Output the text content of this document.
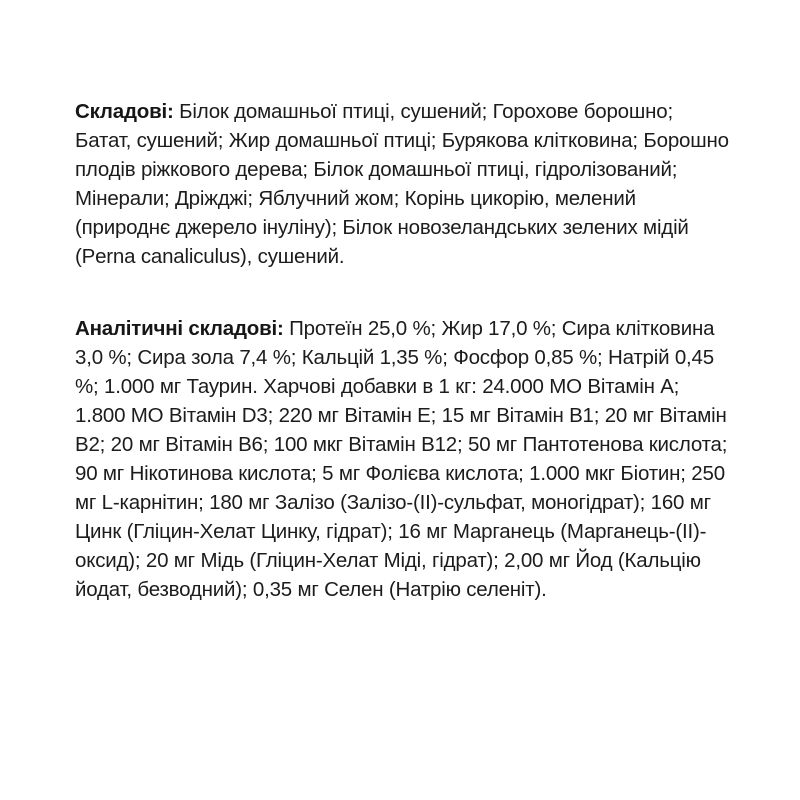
Складові: Білок домашньої птиці, сушений; Горохове борошно; Батат, сушений; Жир домашньої птиці; Бурякова клітковина; Борошно плодів ріжкового дерева; Білок домашньої птиці, гідролізований; Мінерали; Дріжджі; Яблучний жом; Корінь цикорію, мелений (природнє джерело інуліну); Білок новозеландських зелених мідій (Perna canaliculus), сушений.

Аналітичні складові: Протеїн 25,0 %; Жир 17,0 %; Сира клітковина 3,0 %; Сира зола 7,4 %; Кальцій 1,35 %; Фосфор 0,85 %; Натрій 0,45 %; 1.000 мг Таурин. Харчові добавки в 1 кг: 24.000 МО Вітамін А; 1.800 МО Вітамін D3; 220 мг Вітамін Е; 15 мг Вітамін В1; 20 мг Вітамін В2; 20 мг Вітамін В6; 100 мкг Вітамін В12; 50 мг Пантотенова кислота; 90 мг Нікотинова кислота; 5 мг Фолієва кислота; 1.000 мкг Біотин; 250 мг L-карнітин; 180 мг Залізо (Залізо-(ІІ)-сульфат, моногідрат); 160 мг Цинк (Гліцин-Хелат Цинку, гідрат); 16 мг Марганець (Марганець-(ІІ)-оксид); 20 мг Мідь (Гліцин-Хелат Міді, гідрат); 2,00 мг Йод (Кальцію йодат, безводний); 0,35 мг Селен (Натрію селеніт).
